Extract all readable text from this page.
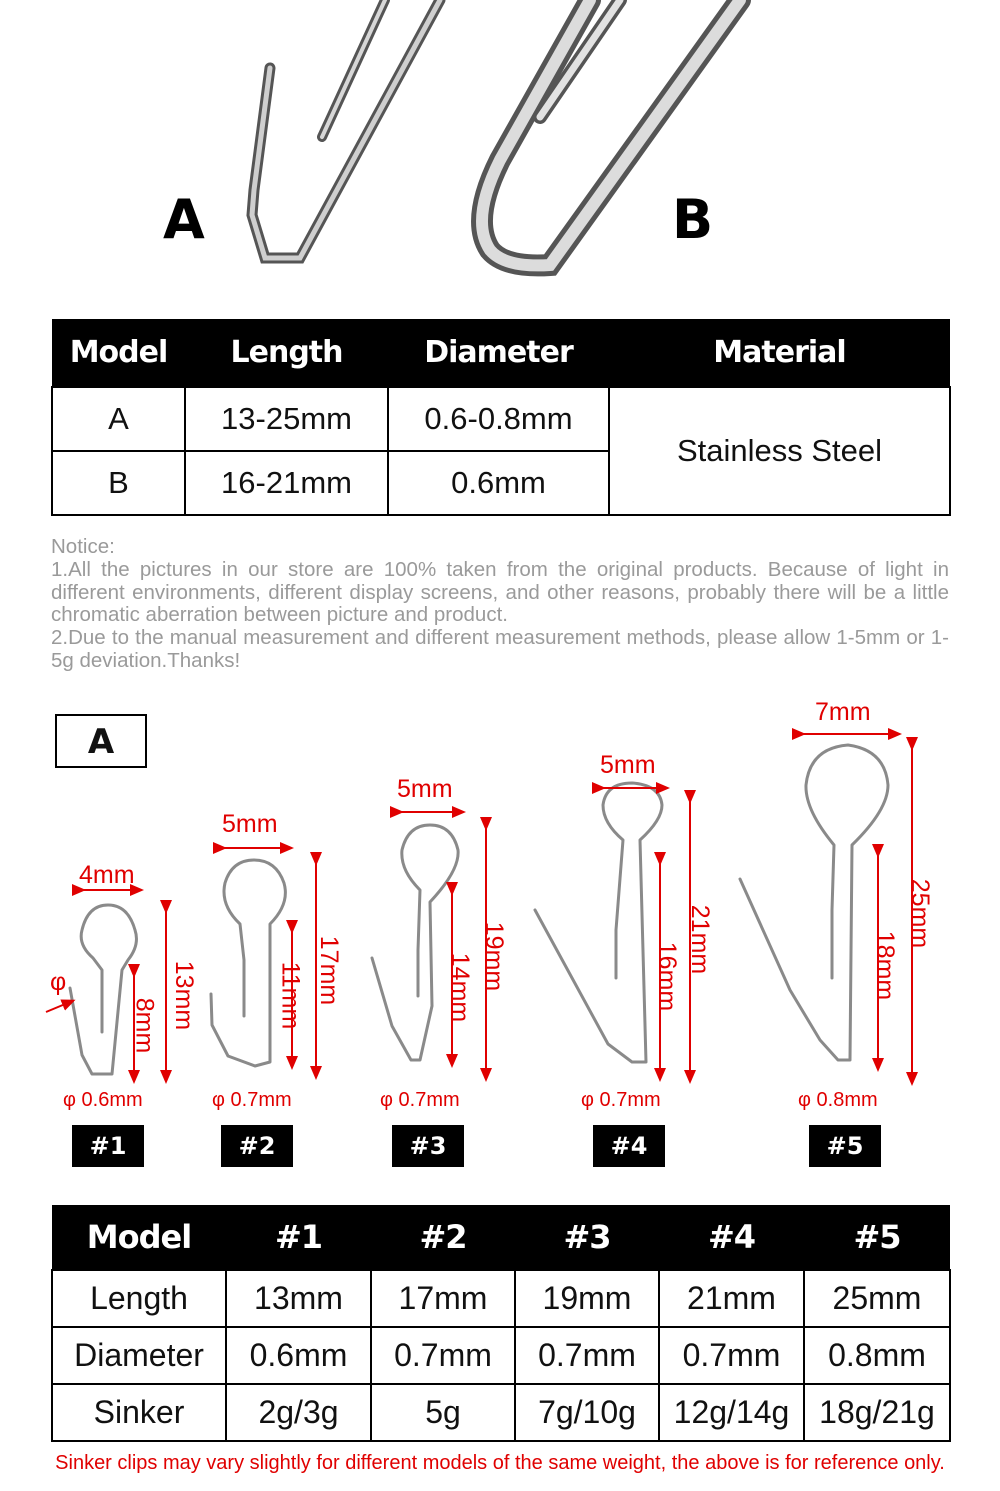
A	B
Model	Length	Diameter	Material
A	13-25mm	0.6-0.8mm	Stainless Steel
B	16-21mm	0.6mm	
Notice:
1.All the pictures in our store are 100% taken from the original products. Because of light in different environments, different display screens, and other reasons, probably there will be a little chromatic aberration between picture and product.
2.Due to the manual measurement and different measurement methods, please allow 1-5mm or 1-5g deviation.Thanks!
A
4mm
5mm
5mm
5mm
7mm
φ
8mm 13mm	11mm 17mm	14mm 19mm	16mm
21mm	18mm
25mm
φ 0.6mm	φ 0.7mm	φ 0.7mm	φ 0.7mm	φ 0.8mm
#1	#2	#3	#4	#5
Model	#1	#2	#3	#4	#5
Length	13mm	17mm	19mm	21mm	25mm
Diameter	0.6mm	0.7mm	0.7mm	0.7mm	0.8mm
Sinker	2g/3g	5g	7g/10g	12g/14g	18g/21g
Sinker clips may vary slightly for different models of the same weight, the above is for reference only.
